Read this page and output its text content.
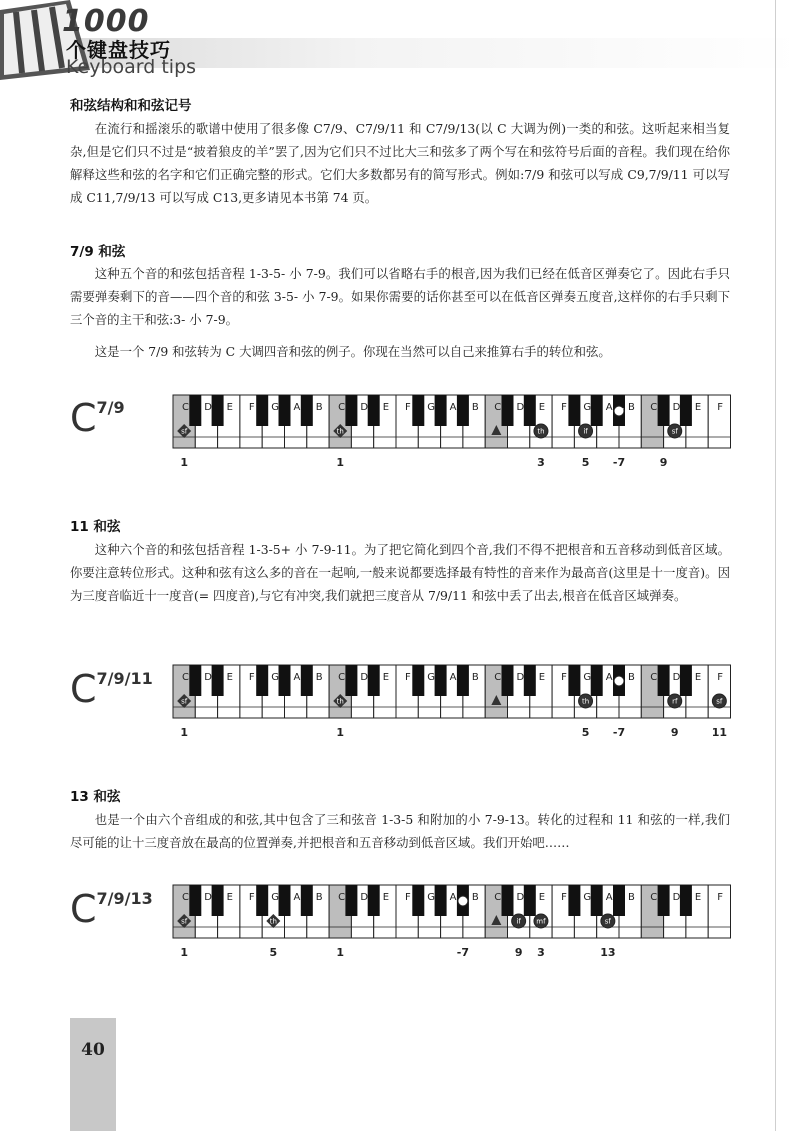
1000
个键盘技巧
Keyboard tips
和弦结构和和弦记号
在流行和摇滚乐的歌谱中使用了很多像 C7/9、C7/9/11 和 C7/9/13(以 C 大调为例)一类的和弦。这听起来相当复杂,但是它们只不过是“披着狼皮的羊”罢了,因为它们只不过比大三和弦多了两个写在和弦符号后面的音程。我们现在给你解释这些和弦的名字和它们正确完整的形式。它们大多数都另有的简写形式。例如:7/9 和弦可以写成 C9,7/9/11 可以写成 C11,7/9/13 可以写成 C13,更多请见本书第 74 页。
7/9 和弦
这种五个音的和弦包括音程 1-3-5- 小 7-9。我们可以省略右手的根音,因为我们已经在低音区弹奏它了。因此右手只需要弹奏剩下的音——四个音的和弦 3-5- 小 7-9。如果你需要的话你甚至可以在低音区弹奏五度音,这样你的右手只剩下三个音的主干和弦:3- 小 7-9。
这是一个 7/9 和弦转为 C 大调四音和弦的例子。你现在当然可以自己来推算右手的转位和弦。
C7/9	C D E F G A B C D E F G A B C D E F G A B C D E F
sf	th	th	if
mf
sf
1	1	3	5 -7	9
11 和弦
这种六个音的和弦包括音程 1-3-5+ 小 7-9-11。为了把它简化到四个音,我们不得不把根音和五音移动到低音区域。你要注意转位形式。这种和弦有这么多的音在一起响,一般来说都要选择最有特性的音来作为最高音(这里是十一度音)。因为三度音临近十一度音(= 四度音),与它有冲突,我们就把三度音从 7/9/11 和弦中丢了出去,根音在低音区域弹奏。
C7/9/11	C D E F G A B C D E F G A B C D E F G A B C D E F
sf	th	th
if
rf	sf
1	1	5 -7	9	11
13 和弦
也是一个由六个音组成的和弦,其中包含了三和弦音 1-3-5 和附加的小 7-9-13。转化的过程和 11 和弦的一样,我们尽可能的让十三度音放在最高的位置弹奏,并把根音和五音移动到低音区域。我们开始吧……
C7/9/13	C D E F G A B C D E F G A B C D E F G A B C D E F
sf	th
th
if mf	sf
1	5	1	-7	9 3	13
40
